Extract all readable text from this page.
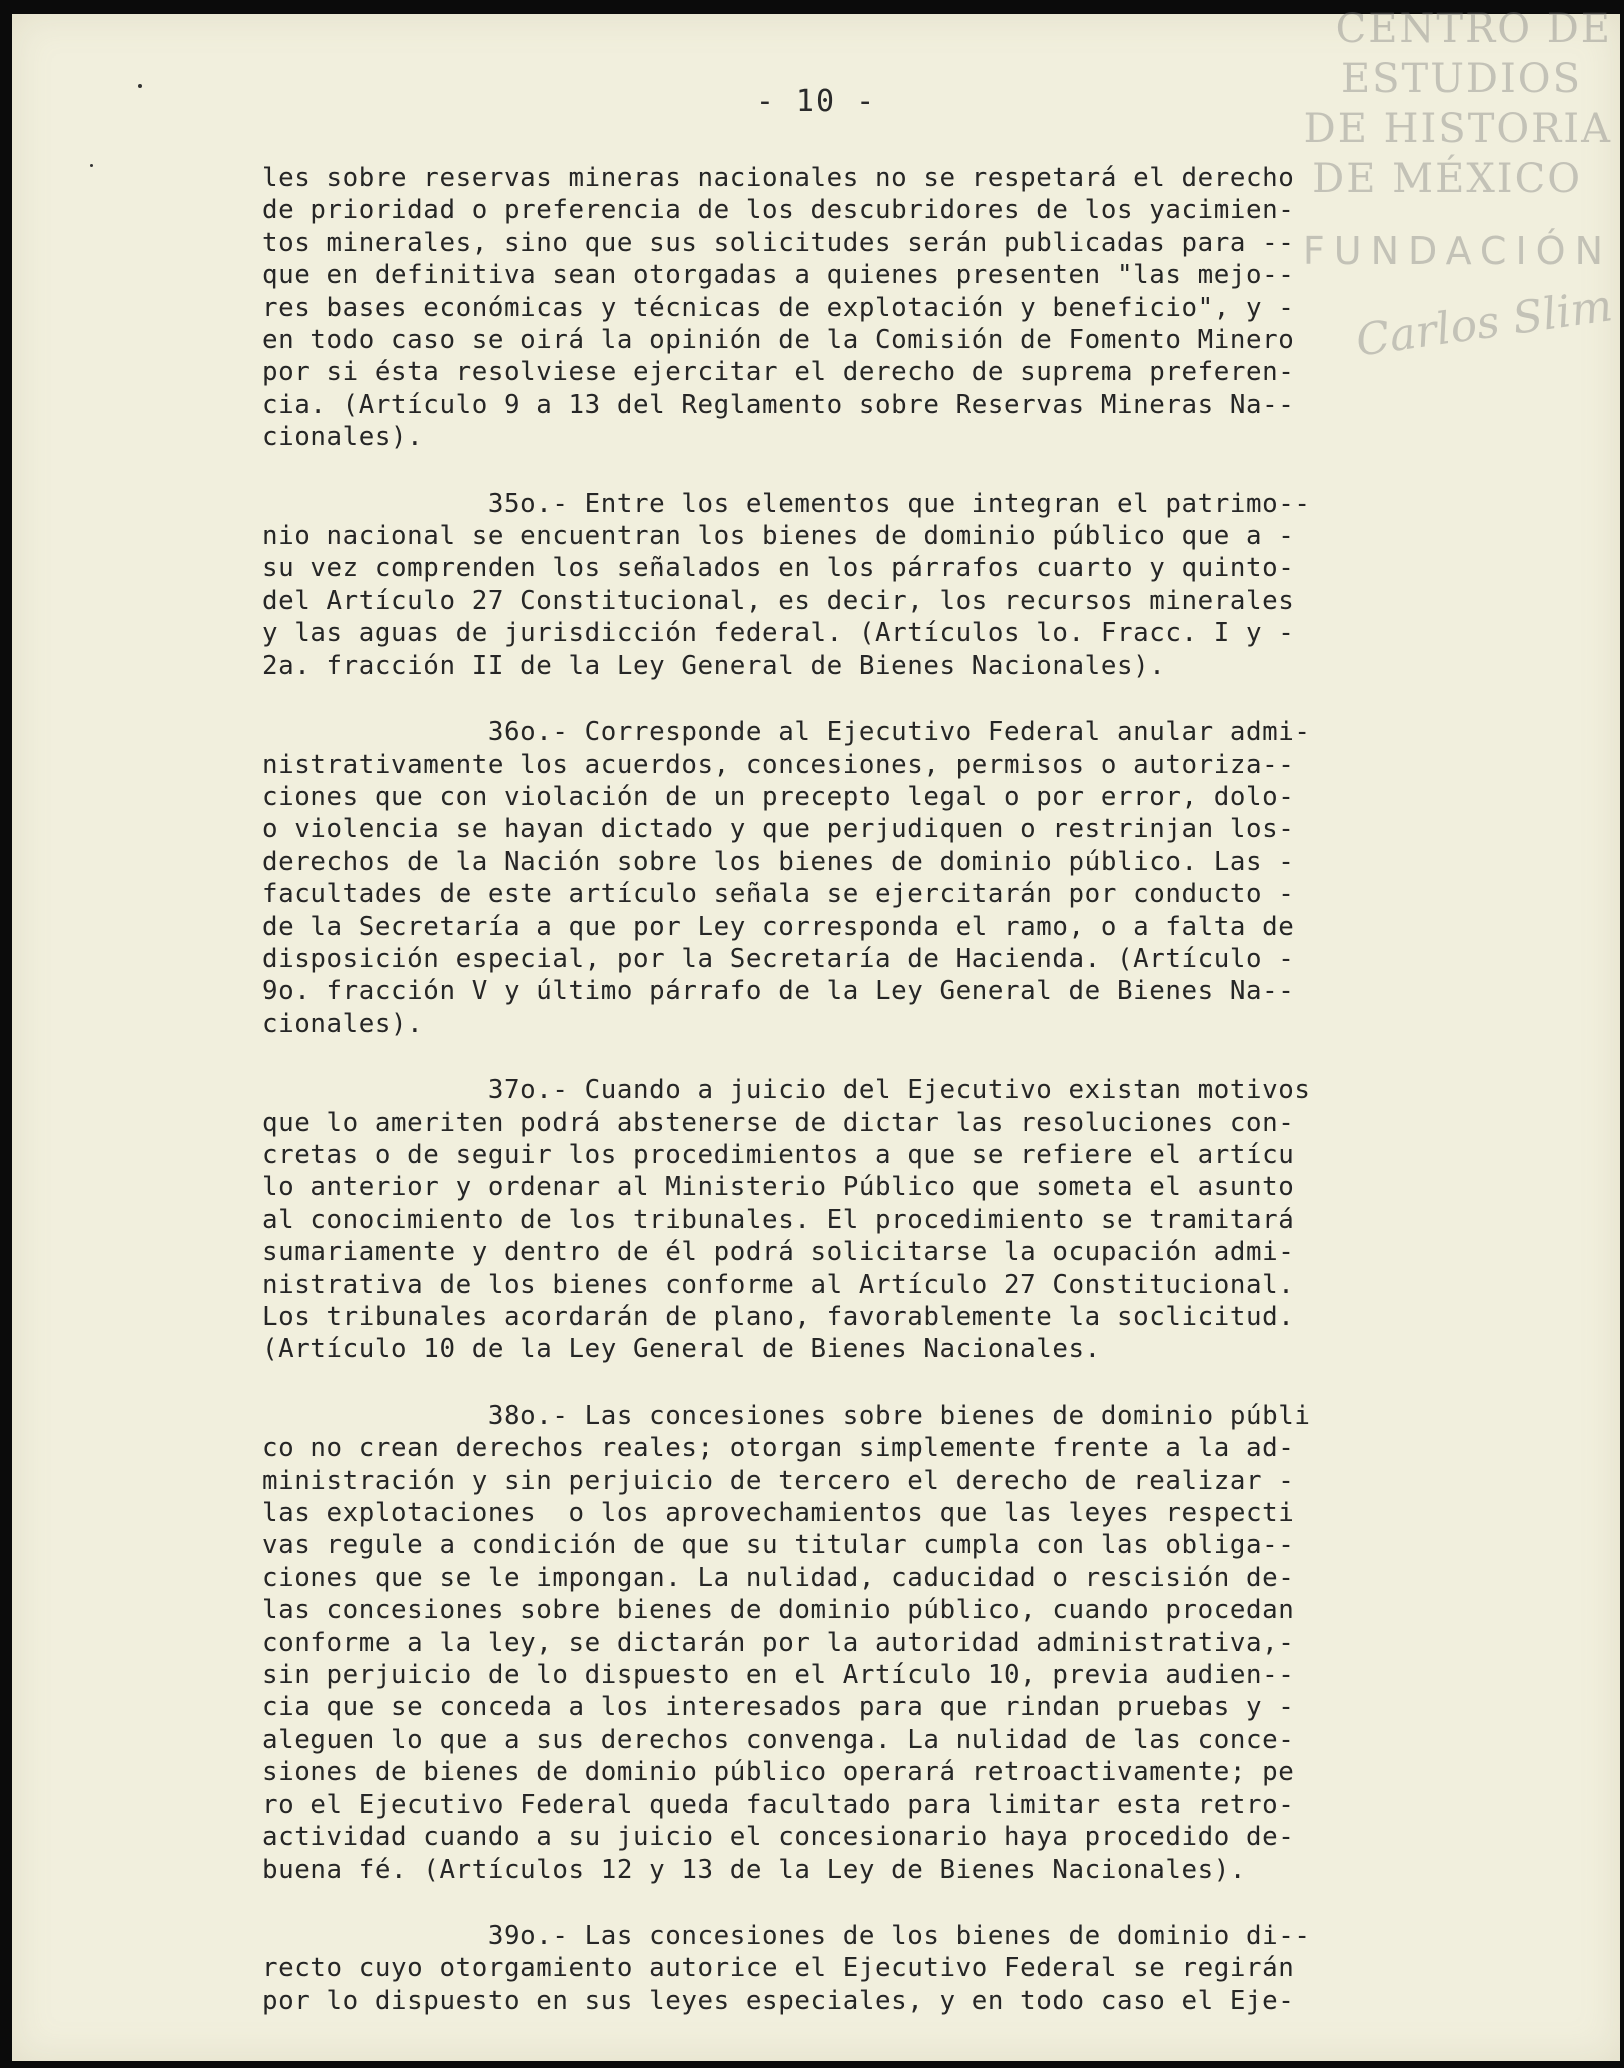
- 10 -

les sobre reservas mineras nacionales no se respetará el derecho
de prioridad o preferencia de los descubridores de los yacimien-
tos minerales, sino que sus solicitudes serán publicadas para --
que en definitiva sean otorgadas a quienes presenten "las mejo--
res bases económicas y técnicas de explotación y beneficio", y -
en todo caso se oirá la opinión de la Comisión de Fomento Minero
por si ésta resolviese ejercitar el derecho de suprema preferen-
cia. (Artículo 9 a 13 del Reglamento sobre Reservas Mineras Na--
cionales).

35o.- Entre los elementos que integran el patrimo--
nio nacional se encuentran los bienes de dominio público que a -
su vez comprenden los señalados en los párrafos cuarto y quinto-
del Artículo 27 Constitucional, es decir, los recursos minerales
y las aguas de jurisdicción federal. (Artículos lo. Fracc. I y -
2a. fracción II de la Ley General de Bienes Nacionales).

36o.- Corresponde al Ejecutivo Federal anular admi-
nistrativamente los acuerdos, concesiones, permisos o autoriza--
ciones que con violación de un precepto legal o por error, dolo-
o violencia se hayan dictado y que perjudiquen o restrinjan los-
derechos de la Nación sobre los bienes de dominio público. Las -
facultades de este artículo señala se ejercitarán por conducto -
de la Secretaría a que por Ley corresponda el ramo, o a falta de
disposición especial, por la Secretaría de Hacienda. (Artículo -
9o. fracción V y último párrafo de la Ley General de Bienes Na--
cionales).

37o.- Cuando a juicio del Ejecutivo existan motivos
que lo ameriten podrá abstenerse de dictar las resoluciones con-
cretas o de seguir los procedimientos a que se refiere el artícu
lo anterior y ordenar al Ministerio Público que someta el asunto
al conocimiento de los tribunales. El procedimiento se tramitará
sumariamente y dentro de él podrá solicitarse la ocupación admi-
nistrativa de los bienes conforme al Artículo 27 Constitucional.
Los tribunales acordarán de plano, favorablemente la soclicitud.
(Artículo 10 de la Ley General de Bienes Nacionales.

38o.- Las concesiones sobre bienes de dominio públi
co no crean derechos reales; otorgan simplemente frente a la ad-
ministración y sin perjuicio de tercero el derecho de realizar -
las explotaciones  o los aprovechamientos que las leyes respecti
vas regule a condición de que su titular cumpla con las obliga--
ciones que se le impongan. La nulidad, caducidad o rescisión de-
las concesiones sobre bienes de dominio público, cuando procedan
conforme a la ley, se dictarán por la autoridad administrativa,-
sin perjuicio de lo dispuesto en el Artículo 10, previa audien--
cia que se conceda a los interesados para que rindan pruebas y -
aleguen lo que a sus derechos convenga. La nulidad de las conce-
siones de bienes de dominio público operará retroactivamente; pe
ro el Ejecutivo Federal queda facultado para limitar esta retro-
actividad cuando a su juicio el concesionario haya procedido de-
buena fé. (Artículos 12 y 13 de la Ley de Bienes Nacionales).

39o.- Las concesiones de los bienes de dominio di--
recto cuyo otorgamiento autorice el Ejecutivo Federal se regirán
por lo dispuesto en sus leyes especiales, y en todo caso el Eje-

CENTRO DE
ESTUDIOS
DE HISTORIA
DE MÉXICO
FUNDACIÓN
Carlos Slim
